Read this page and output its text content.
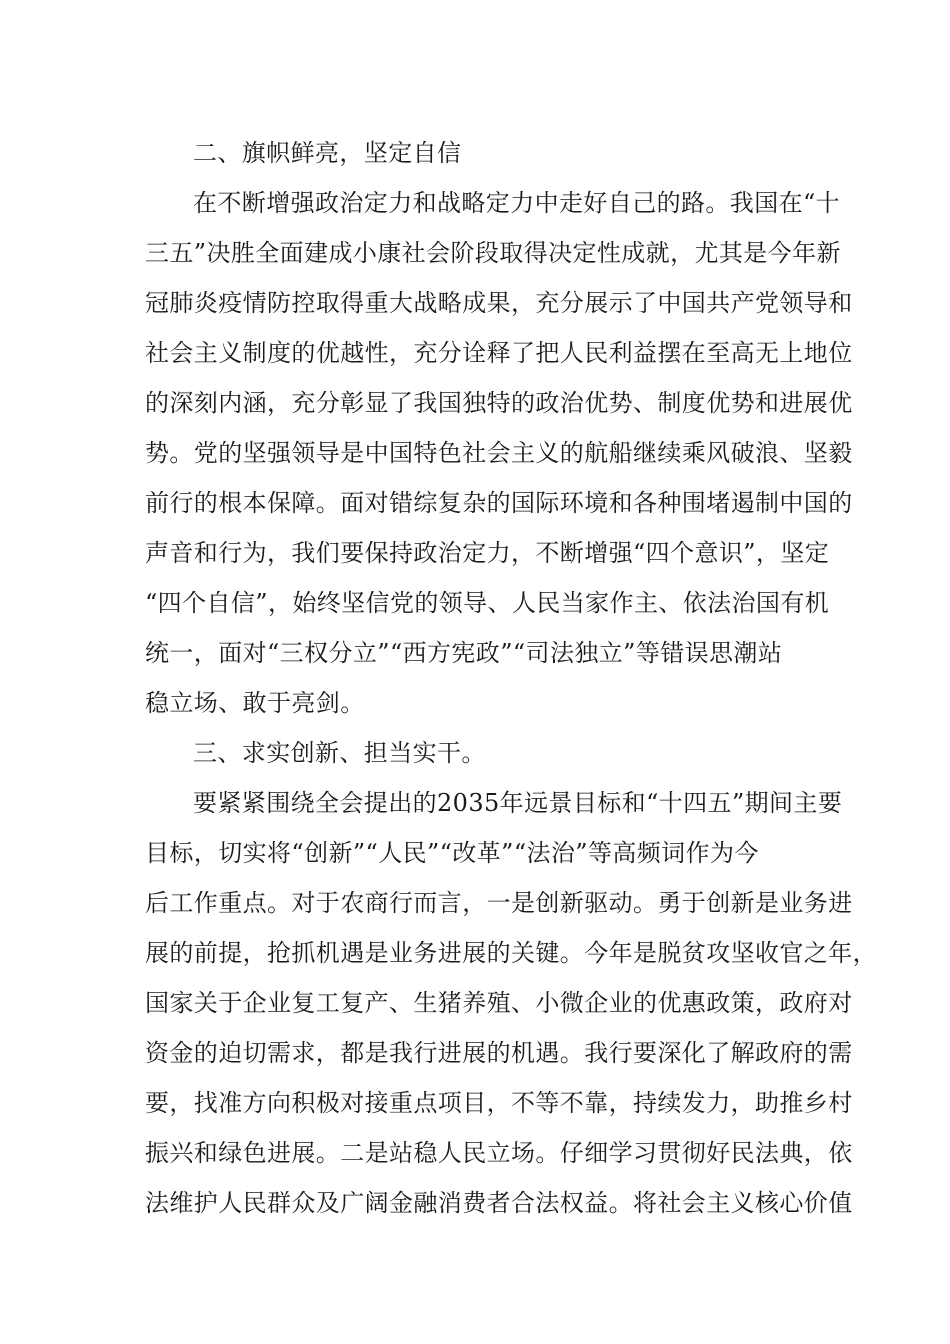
二、旗帜鲜亮，坚定自信
在不断增强政治定力和战略定力中走好自己的路。我国在“十
三五”决胜全面建成小康社会阶段取得决定性成就，尤其是今年新
冠肺炎疫情防控取得重大战略成果，充分展示了中国共产党领导和
社会主义制度的优越性，充分诠释了把人民利益摆在至高无上地位
的深刻内涵，充分彰显了我国独特的政治优势、制度优势和进展优
势。党的坚强领导是中国特色社会主义的航船继续乘风破浪、坚毅
前行的根本保障。面对错综复杂的国际环境和各种围堵遏制中国的
声音和行为，我们要保持政治定力，不断增强“四个意识”，坚定
“四个自信”，始终坚信党的领导、人民当家作主、依法治国有机
统一，面对“三权分立”“西方宪政”“司法独立”等错误思潮站
稳立场、敢于亮剑。
三、求实创新、担当实干。
要紧紧围绕全会提出的2035年远景目标和“十四五”期间主要
目标，切实将“创新”“人民”“改革”“法治”等高频词作为今
后工作重点。对于农商行而言，一是创新驱动。勇于创新是业务进
展的前提，抢抓机遇是业务进展的关键。今年是脱贫攻坚收官之年，
国家关于企业复工复产、生猪养殖、小微企业的优惠政策，政府对
资金的迫切需求，都是我行进展的机遇。我行要深化了解政府的需
要，找准方向积极对接重点项目，不等不靠，持续发力，助推乡村
振兴和绿色进展。二是站稳人民立场。仔细学习贯彻好民法典，依
法维护人民群众及广阔金融消费者合法权益。将社会主义核心价值
